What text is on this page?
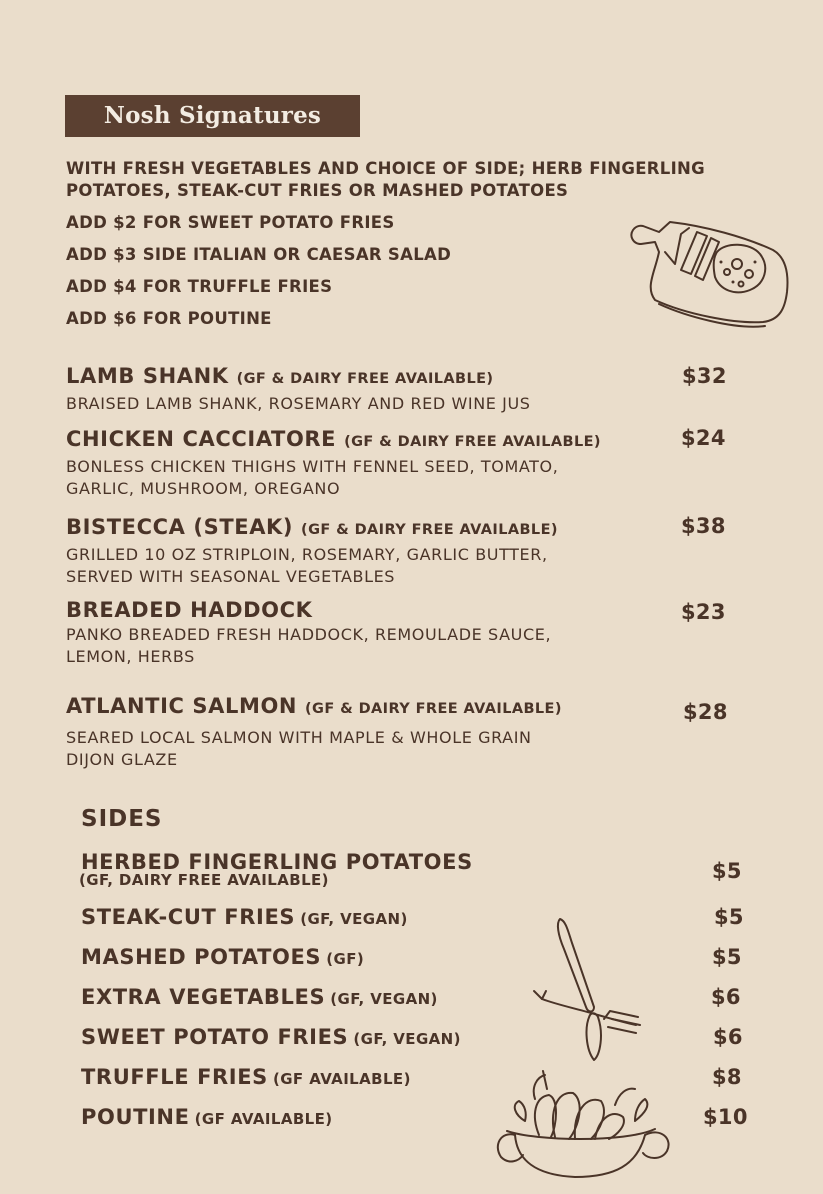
Nosh Signatures
WITH FRESH VEGETABLES AND CHOICE OF SIDE; HERB FINGERLING POTATOES, STEAK-CUT FRIES OR MASHED POTATOES
ADD $2 FOR SWEET POTATO FRIES
ADD $3 SIDE ITALIAN OR CAESAR SALAD
ADD $4 FOR TRUFFLE FRIES
ADD $6 FOR POUTINE
LAMB SHANK (GF & DAIRY FREE AVAILABLE)
BRAISED LAMB SHANK, ROSEMARY AND RED WINE JUS
$32
CHICKEN CACCIATORE (GF & DAIRY FREE AVAILABLE)
BONLESS CHICKEN THIGHS WITH FENNEL SEED, TOMATO,
GARLIC, MUSHROOM, OREGANO
$24
BISTECCA (STEAK) (GF & DAIRY FREE AVAILABLE)
GRILLED 10 OZ STRIPLOIN, ROSEMARY, GARLIC BUTTER,
SERVED WITH SEASONAL VEGETABLES
$38
BREADED HADDOCK
PANKO BREADED FRESH HADDOCK, REMOULADE SAUCE,
LEMON, HERBS
$23
ATLANTIC SALMON (GF & DAIRY FREE AVAILABLE)
SEARED LOCAL SALMON WITH MAPLE & WHOLE GRAIN
DIJON GLAZE
$28
SIDES
HERBED FINGERLING POTATOES
(GF, DAIRY FREE AVAILABLE)	$5
STEAK-CUT FRIES (GF, VEGAN)	$5
MASHED POTATOES (GF)	$5
EXTRA VEGETABLES (GF, VEGAN)	$6
SWEET POTATO FRIES (GF, VEGAN)	$6
TRUFFLE FRIES (GF AVAILABLE)	$8
POUTINE (GF AVAILABLE)	$10
